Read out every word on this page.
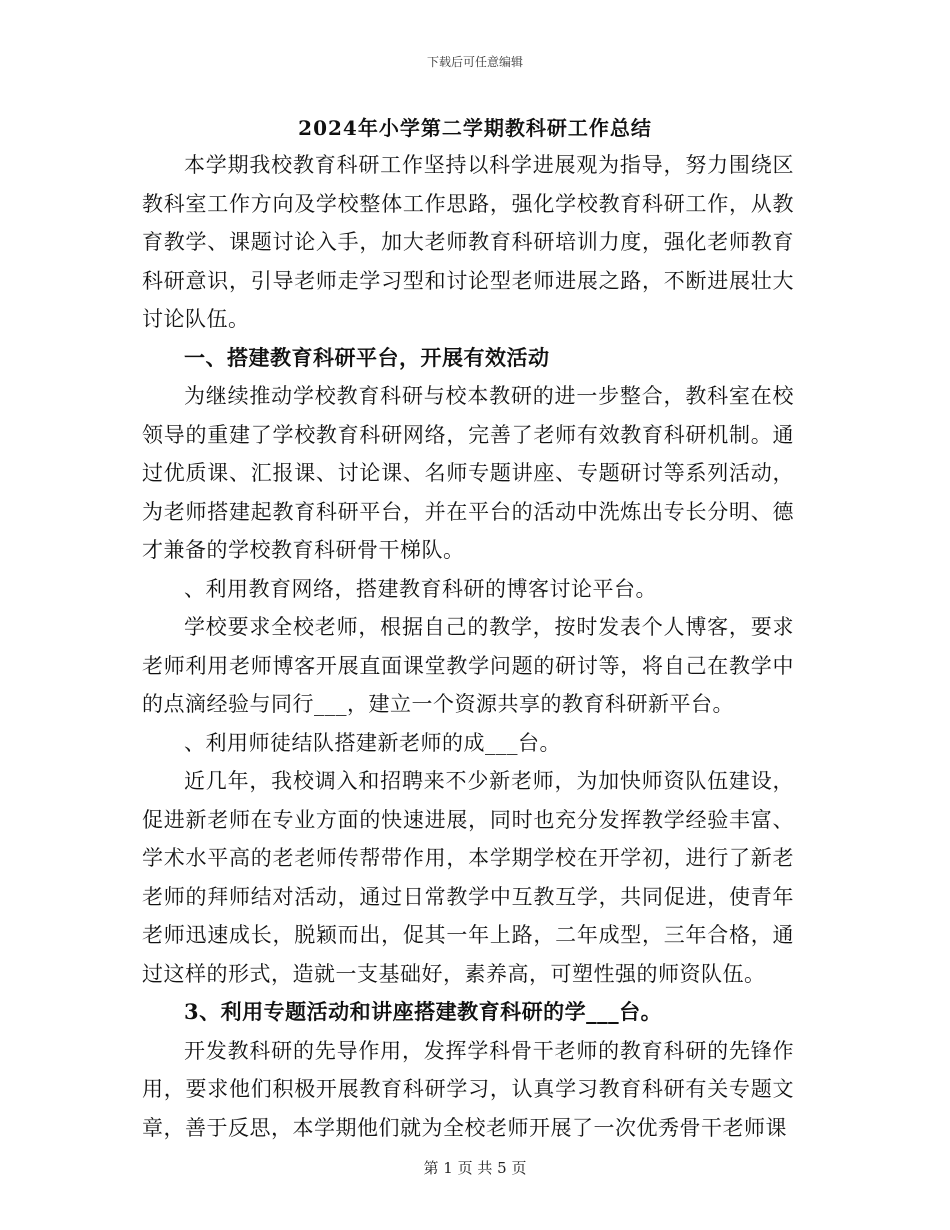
下载后可任意编辑
2024年小学第二学期教科研工作总结

本学期我校教育科研工作坚持以科学进展观为指导，努力围绕区教科室工作方向及学校整体工作思路，强化学校教育科研工作，从教育教学、课题讨论入手，加大老师教育科研培训力度，强化老师教育科研意识，引导老师走学习型和讨论型老师进展之路，不断进展壮大讨论队伍。

一、搭建教育科研平台，开展有效活动

为继续推动学校教育科研与校本教研的进一步整合，教科室在校领导的重建了学校教育科研网络，完善了老师有效教育科研机制。通过优质课、汇报课、讨论课、名师专题讲座、专题研讨等系列活动，为老师搭建起教育科研平台，并在平台的活动中洗炼出专长分明、德才兼备的学校教育科研骨干梯队。

、利用教育网络，搭建教育科研的博客讨论平台。

学校要求全校老师，根据自己的教学，按时发表个人博客，要求老师利用老师博客开展直面课堂教学问题的研讨等，将自己在教学中的点滴经验与同行___，建立一个资源共享的教育科研新平台。

、利用师徒结队搭建新老师的成___台。

近几年，我校调入和招聘来不少新老师，为加快师资队伍建设，促进新老师在专业方面的快速进展，同时也充分发挥教学经验丰富、学术水平高的老老师传帮带作用，本学期学校在开学初，进行了新老老师的拜师结对活动，通过日常教学中互教互学，共同促进，使青年老师迅速成长，脱颖而出，促其一年上路，二年成型，三年合格，通过这样的形式，造就一支基础好，素养高，可塑性强的师资队伍。

3、利用专题活动和讲座搭建教育科研的学___台。

开发教科研的先导作用，发挥学科骨干老师的教育科研的先锋作用，要求他们积极开展教育科研学习，认真学习教育科研有关专题文章，善于反思，本学期他们就为全校老师开展了一次优秀骨干老师课

第 1 页 共 5 页
